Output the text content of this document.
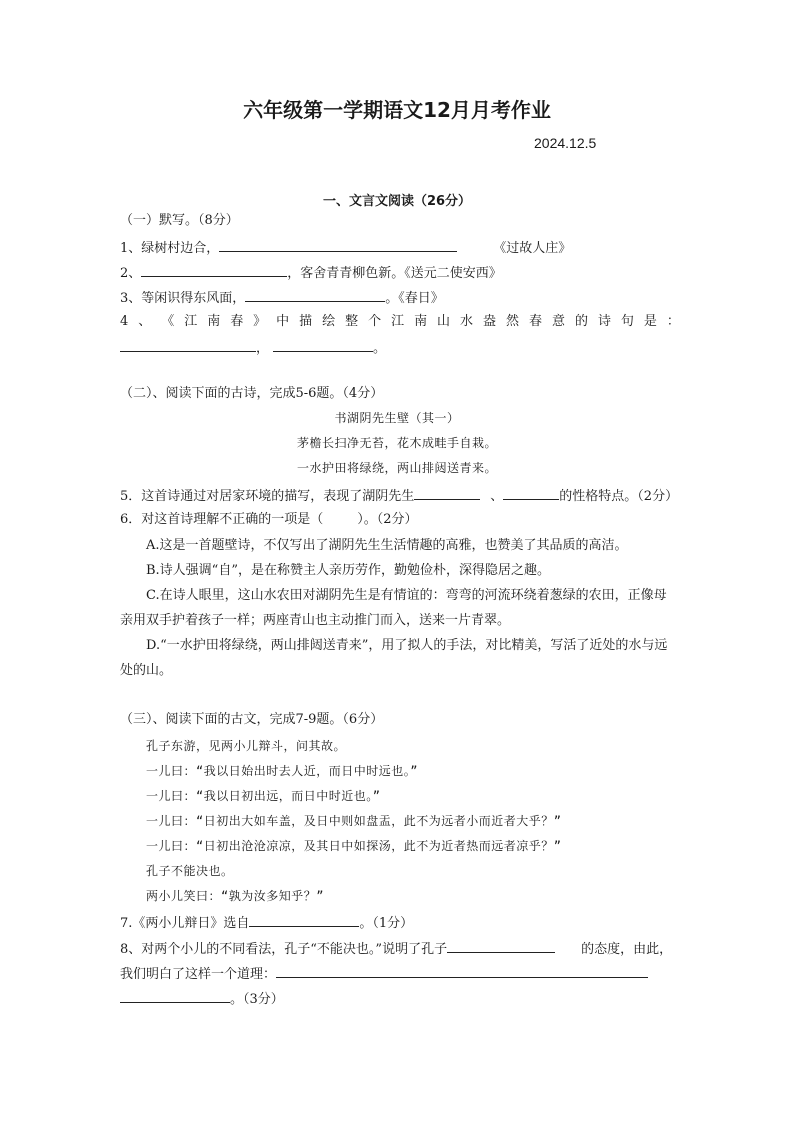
六年级第一学期语文12月月考作业
2024.12.5
一、文言文阅读（26分）
（一）默写。（8分）
1、绿树村边合，	《过故人庄》
2、	，客舍青青柳色新。《送元二使安西》
3、等闲识得东风面，	。《春日》
4 、 《 江 南 春 》 中 描 绘 整 个 江 南 山 水 盎 然 春 意 的 诗 句 是 ：
，	。
（二）、阅读下面的古诗，完成5-6题。（4分）
书湖阴先生壁（其一）
茅檐长扫净无苔，花木成畦手自栽。
一水护田将绿绕，两山排闼送青来。
5．这首诗通过对居家环境的描写，表现了湖阴先生	、	的性格特点。（2分）
6．对这首诗理解不正确的一项是（	）。（2分）
A.这是一首题壁诗，不仅写出了湖阴先生生活情趣的高雅，也赞美了其品质的高洁。
B.诗人强调“自”，是在称赞主人亲历劳作，勤勉俭朴，深得隐居之趣。
C.在诗人眼里，这山水农田对湖阴先生是有情谊的：弯弯的河流环绕着葱绿的农田，正像母
亲用双手护着孩子一样；两座青山也主动推门而入，送来一片青翠。
D.“一水护田将绿绕，两山排闼送青来”，用了拟人的手法，对比精美，写活了近处的水与远
处的山。
（三）、阅读下面的古文，完成7-9题。（6分）
孔子东游，见两小儿辩斗，问其故。
一儿曰：“我以日始出时去人近，而日中时远也。”
一儿曰：“我以日初出远，而日中时近也。”
一儿曰：“日初出大如车盖，及日中则如盘盂，此不为远者小而近者大乎？”
一儿曰：“日初出沧沧凉凉，及其日中如探汤，此不为近者热而远者凉乎？”
孔子不能决也。
两小儿笑曰：“孰为汝多知乎？”
7.《两小儿辩日》选自	。（1分）
8、对两个小儿的不同看法，孔子“不能决也。”说明了孔子	的态度，由此，
我们明白了这样一个道理：
。（3分）
